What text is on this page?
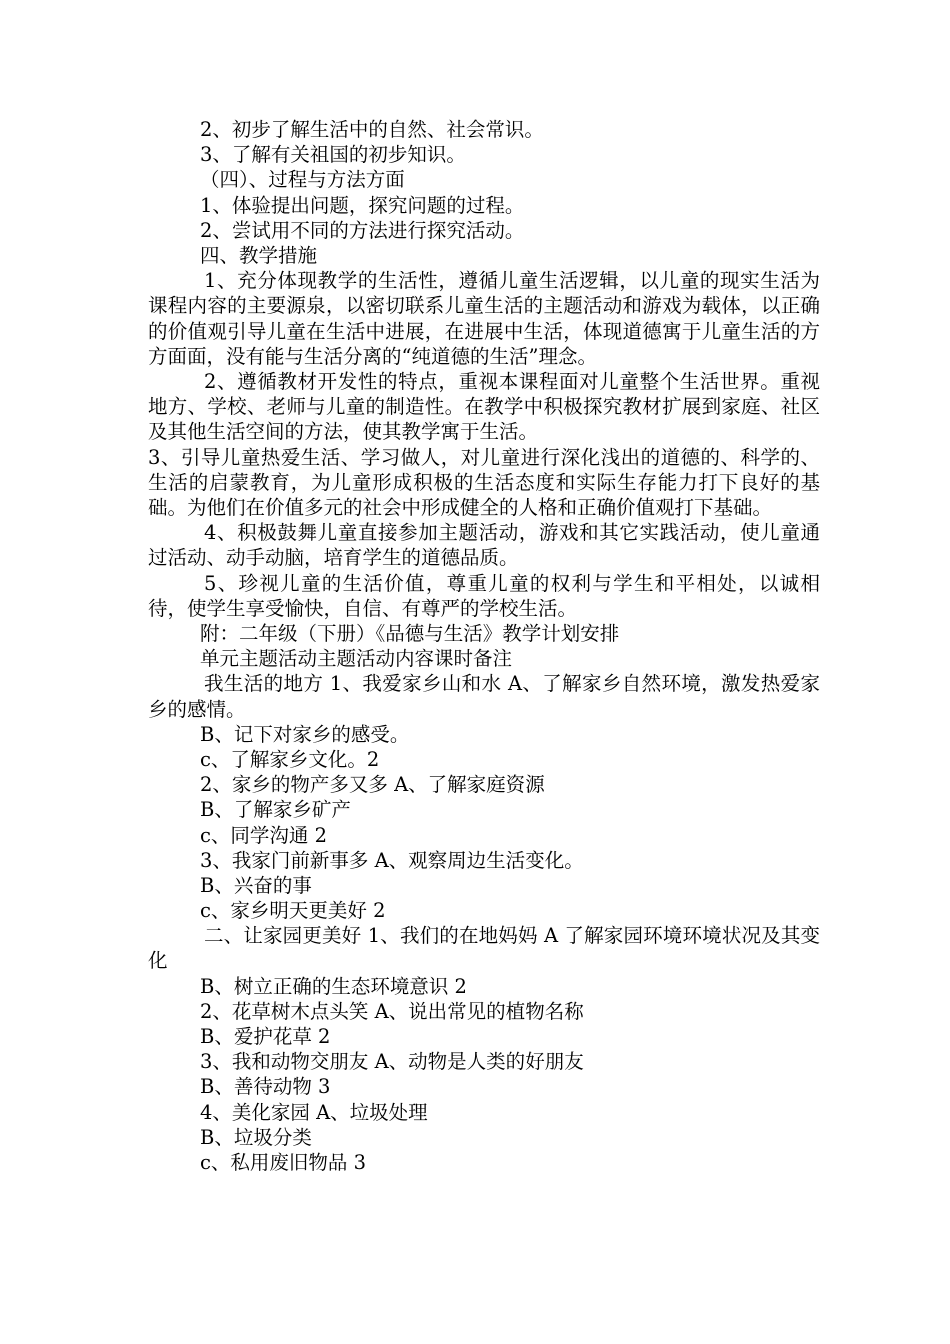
2、初步了解生活中的自然、社会常识。
3、了解有关祖国的初步知识。
（四）、过程与方法方面
1、体验提出问题，探究问题的过程。
2、尝试用不同的方法进行探究活动。
四、教学措施
1、充分体现教学的生活性，遵循儿童生活逻辑，以儿童的现实生活为课程内容的主要源泉，以密切联系儿童生活的主题活动和游戏为载体，以正确的价值观引导儿童在生活中进展，在进展中生活，体现道德寓于儿童生活的方方面面，没有能与生活分离的“纯道德的生活”理念。
2、遵循教材开发性的特点，重视本课程面对儿童整个生活世界。重视地方、学校、老师与儿童的制造性。在教学中积极探究教材扩展到家庭、社区及其他生活空间的方法，使其教学寓于生活。
3、引导儿童热爱生活、学习做人，对儿童进行深化浅出的道德的、科学的、生活的启蒙教育，为儿童形成积极的生活态度和实际生存能力打下良好的基础。为他们在价值多元的社会中形成健全的人格和正确价值观打下基础。
4、积极鼓舞儿童直接参加主题活动，游戏和其它实践活动，使儿童通过活动、动手动脑，培育学生的道德品质。
5、珍视儿童的生活价值，尊重儿童的权利与学生和平相处，以诚相待，使学生享受愉快，自信、有尊严的学校生活。
附：二年级（下册）《品德与生活》教学计划安排
单元主题活动主题活动内容课时备注
我生活的地方 1、我爱家乡山和水 A、了解家乡自然环境，激发热爱家乡的感情。
B、记下对家乡的感受。
c、了解家乡文化。2
2、家乡的物产多又多 A、了解家庭资源
B、了解家乡矿产
c、同学沟通 2
3、我家门前新事多 A、观察周边生活变化。
B、兴奋的事
c、家乡明天更美好 2
二、让家园更美好 1、我们的在地妈妈 A 了解家园环境环境状况及其变化
B、树立正确的生态环境意识 2
2、花草树木点头笑 A、说出常见的植物名称
B、爱护花草 2
3、我和动物交朋友 A、动物是人类的好朋友
B、善待动物 3
4、美化家园 A、垃圾处理
B、垃圾分类
c、私用废旧物品 3
